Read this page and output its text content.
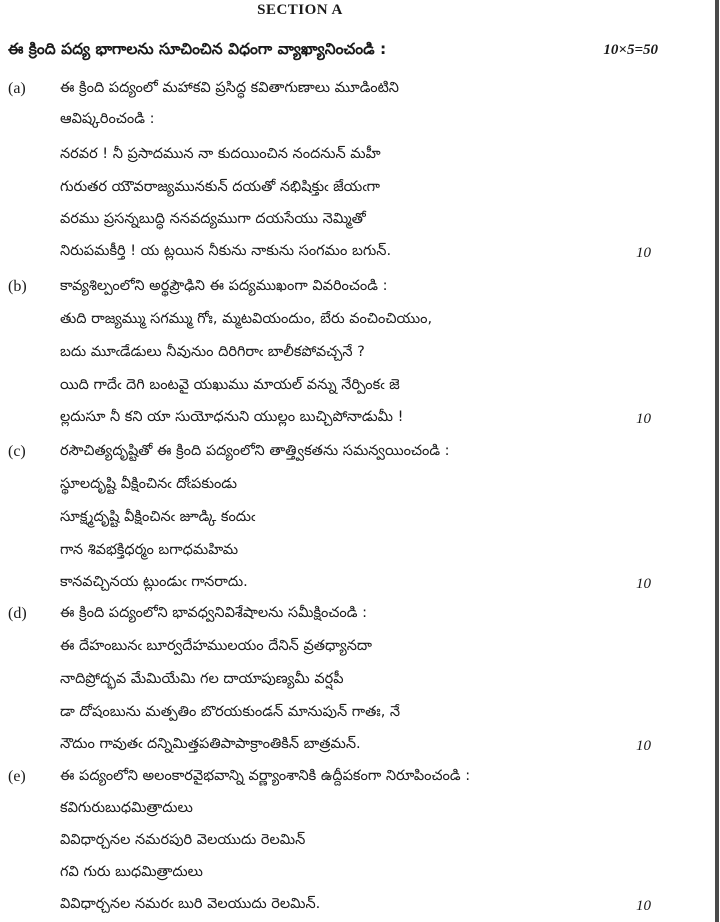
SECTION A
ఈ క్రింది పద్య భాగాలను సూచించిన విధంగా వ్యాఖ్యానించండి :	10×5=50
(a) ఈ క్రింది పద్యంలో మహాకవి ప్రసిద్ధ కవితాగుణాలు మూడింటిని
ఆవిష్కరించండి :
నరవర ! నీ ప్రసాదమున నా కుదయించిన నందనున్ మహీ
గురుతర యౌవరాజ్యమునకున్ దయతో నభిషిక్తుఁ జేయఁగా
వరము ప్రసన్నబుద్ధి ననవద్యముగా దయసేయు నెమ్మితో
నిరుపమకీర్తి ! య ట్లయిన నీకును నాకును సంగమం బగున్.	10
(b) కావ్యశిల్పంలోని అర్థప్రౌఢిని ఈ పద్యముఖంగా వివరించండి :
తుది రాజ్యమ్ము సగమ్ము గోః, మ్మటవియందుం, బేరు వంచించియుం,
బదు మూఁడేడులు నీవునుం దిరిగిరాఁ బాలీకపోవచ్చనే ?
యిది గాదేఁ దెగి బంటవై యఖుము మాయల్ వన్ను నేర్పింకఁ జె
ల్లదుసూ నీ కని యా సుయోధనుని యుల్లం బుచ్చిపోనాడుమీ !	10
(c) రసౌచిత్యదృష్టితో ఈ క్రింది పద్యంలోని తాత్త్వికతను సమన్వయించండి :
స్థూలదృష్టి వీక్షించినఁ దోఁపకుండు
సూక్ష్మదృష్టి వీక్షించినఁ జూడ్కి కందుఁ
గాన శివభక్తిధర్మం బగాధమహిమ
కానవచ్చినయ ట్లుండుఁ గానరాదు.	10
(d) ఈ క్రింది పద్యంలోని భావధ్వనివిశేషాలను సమీక్షించండి :
ఈ దేహంబునఁ బూర్వదేహములయం దేనిన్ వ్రతధ్యానదా
నాదిప్రోద్భవ మేమియేమి గల దాయాపుణ్యమీ వర్షపీ
డా దోషంబును మత్పతిం బొరయకుండన్ మానుపున్ గాతః, నే
నౌదుం గావుతఁ దన్నిమిత్తపతిపాపాక్రాంతికిన్ బాత్రమన్.	10
(e) ఈ పద్యంలోని అలంకారవైభవాన్ని వర్ణ్యాంశానికి ఉద్దీపకంగా నిరూపించండి :
కవిగురుబుధమిత్రాదులు
వివిధార్చనల నమరపురి వెలయుదు రెలమిన్
గవి గురు బుధమిత్రాదులు
వివిధార్చనల నమరఁ బురి వెలయుదు రెలమిన్.	10
